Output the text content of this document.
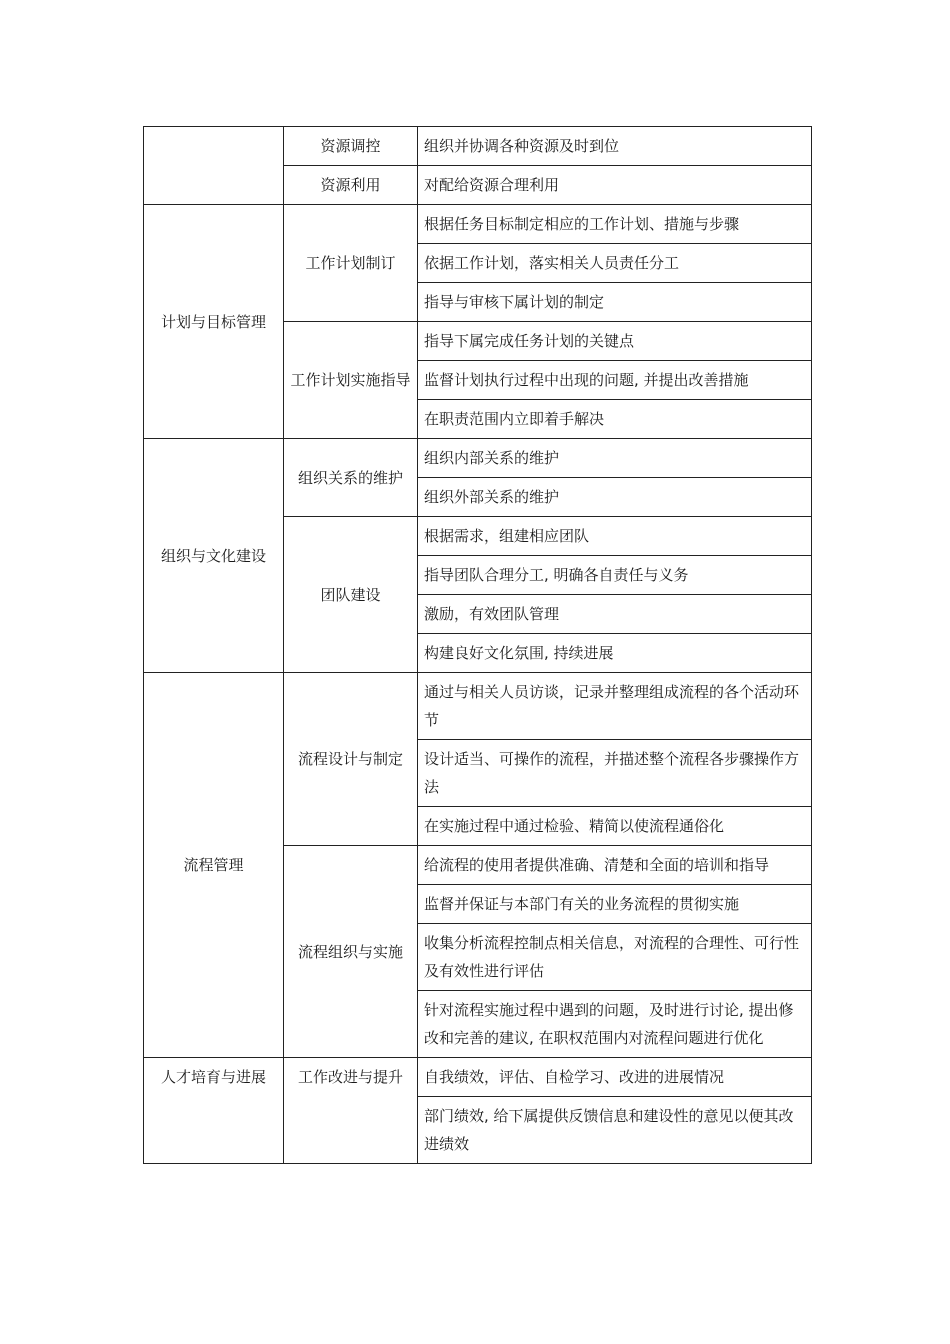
	资源调控	组织并协调各种资源及时到位
	资源利用	对配给资源合理利用
计划与目标管理	工作计划制订	根据任务目标制定相应的工作计划、措施与步骤
		依据工作计划，落实相关人员责任分工
		指导与审核下属计划的制定
	工作计划实施指导	指导下属完成任务计划的关键点
		监督计划执行过程中出现的问题, 并提出改善措施
		在职责范围内立即着手解决
组织与文化建设	组织关系的维护	组织内部关系的维护
		组织外部关系的维护
	团队建设	根据需求，组建相应团队
		指导团队合理分工, 明确各自责任与义务
		激励，有效团队管理
		构建良好文化氛围, 持续进展
流程管理	流程设计与制定	通过与相关人员访谈，记录并整理组成流程的各个活动环节
		设计适当、可操作的流程，并描述整个流程各步骤操作方法
		在实施过程中通过检验、精简以使流程通俗化
	流程组织与实施	给流程的使用者提供准确、清楚和全面的培训和指导
		监督并保证与本部门有关的业务流程的贯彻实施
		收集分析流程控制点相关信息，对流程的合理性、可行性及有效性进行评估
		针对流程实施过程中遇到的问题，及时进行讨论, 提出修改和完善的建议, 在职权范围内对流程问题进行优化
人才培育与进展	工作改进与提升	自我绩效，评估、自检学习、改进的进展情况
		部门绩效, 给下属提供反馈信息和建设性的意见以便其改进绩效
